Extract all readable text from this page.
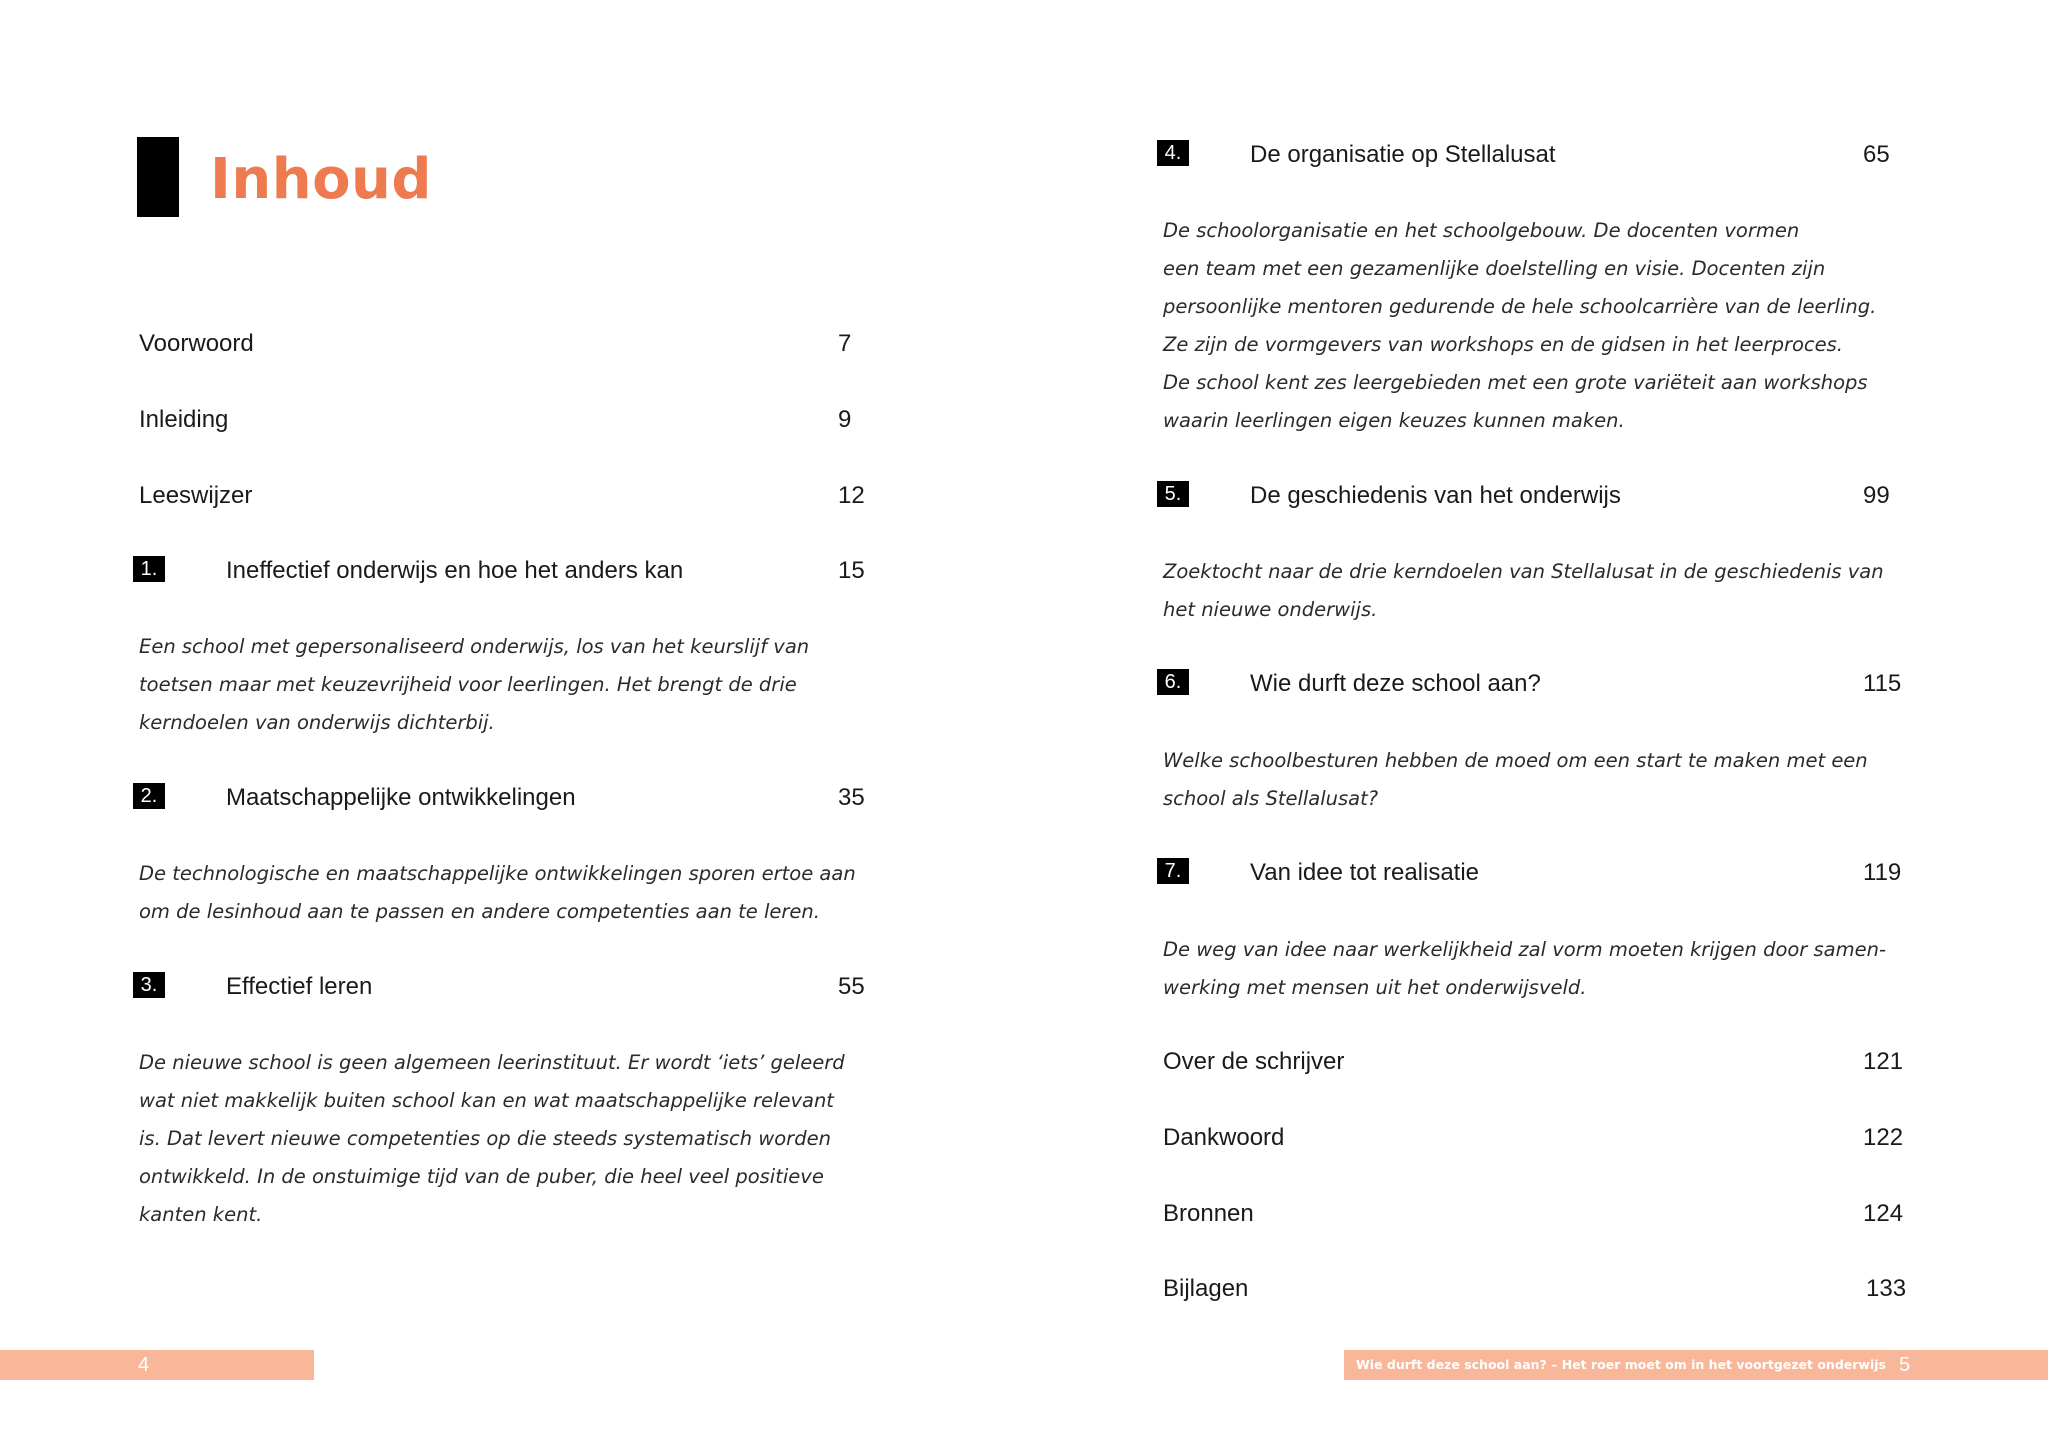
Inhoud
Voorwoord	7
Inleiding	9
Leeswijzer	12
1.	Ineffectief onderwijs en hoe het anders kan	15
Een school met gepersonaliseerd onderwijs, los van het keurslijf van
toetsen maar met keuzevrijheid voor leerlingen. Het brengt de drie
kerndoelen van onderwijs dichterbij.
2.	Maatschappelijke ontwikkelingen	35
De technologische en maatschappelijke ontwikkelingen sporen ertoe aan
om de lesinhoud aan te passen en andere competenties aan te leren.
3.	Effectief leren	55
De nieuwe school is geen algemeen leerinstituut. Er wordt ‘iets’ geleerd
wat niet makkelijk buiten school kan en wat maatschappelijke relevant
is. Dat levert nieuwe competenties op die steeds systematisch worden
ontwikkeld. In de onstuimige tijd van de puber, die heel veel positieve
kanten kent.
4.	De organisatie op Stellalusat	65
De schoolorganisatie en het schoolgebouw. De docenten vormen
een team met een gezamenlijke doelstelling en visie. Docenten zijn
persoonlijke mentoren gedurende de hele schoolcarrière van de leerling.
Ze zijn de vormgevers van workshops en de gidsen in het leerproces.
De school kent zes leergebieden met een grote variëteit aan workshops
waarin leerlingen eigen keuzes kunnen maken.
5.	De geschiedenis van het onderwijs	99
Zoektocht naar de drie kerndoelen van Stellalusat in de geschiedenis van
het nieuwe onderwijs.
6.	Wie durft deze school aan?	115
Welke schoolbesturen hebben de moed om een start te maken met een
school als Stellalusat?
7.	Van idee tot realisatie	119
De weg van idee naar werkelijkheid zal vorm moeten krijgen door samen-
werking met mensen uit het onderwijsveld.
Over de schrijver	121
Dankwoord	122
Bronnen	124
Bijlagen	133
4	Wie durft deze school aan? – Het roer moet om in het voortgezet onderwijs 5
